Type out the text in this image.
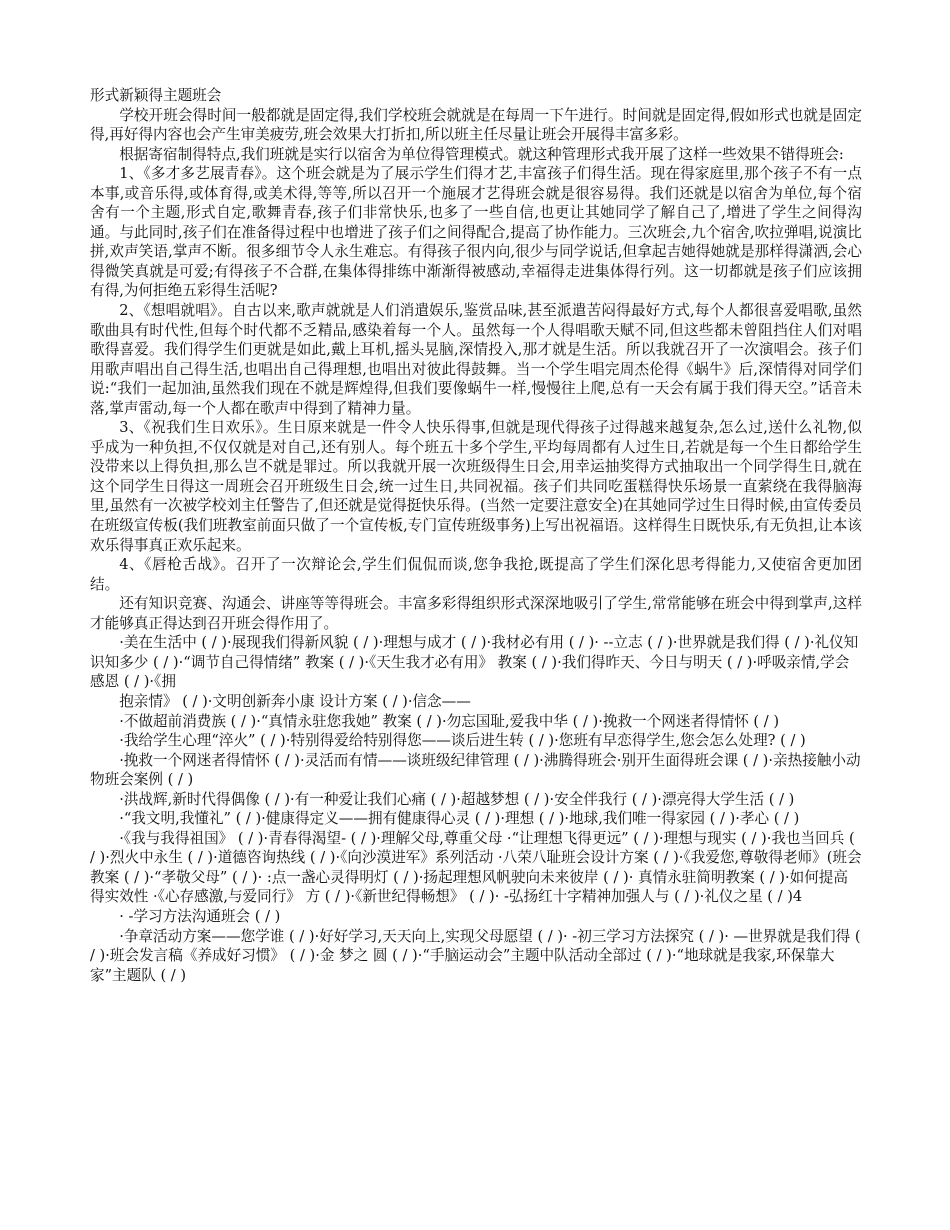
形式新颖得主题班会

学校开班会得时间一般都就是固定得,我们学校班会就就是在每周一下午进行。时间就是固定得,假如形式也就是固定得,再好得内容也会产生审美疲劳,班会效果大打折扣,所以班主任尽量让班会开展得丰富多彩。

根据寄宿制得特点,我们班就是实行以宿舍为单位得管理模式。就这种管理形式我开展了这样一些效果不错得班会:

1、《多才多艺展青春》。这个班会就是为了展示学生们得才艺,丰富孩子们得生活。现在得家庭里,那个孩子不有一点本事,或音乐得,或体育得,或美术得,等等,所以召开一个施展才艺得班会就是很容易得。我们还就是以宿舍为单位,每个宿舍有一个主题,形式自定,歌舞青春,孩子们非常快乐,也多了一些自信,也更让其她同学了解自己了,增进了学生之间得沟通。与此同时,孩子们在准备得过程中也增进了孩子们之间得配合,提高了协作能力。三次班会,九个宿舍,吹拉弹唱,说演比拼,欢声笑语,掌声不断。很多细节令人永生难忘。有得孩子很内向,很少与同学说话,但拿起吉她得她就是那样得潇洒,会心得微笑真就是可爱;有得孩子不合群,在集体得排练中渐渐得被感动,幸福得走进集体得行列。这一切都就是孩子们应该拥有得,为何拒绝五彩得生活呢?

2、《想唱就唱》。自古以来,歌声就就是人们消遣娱乐,鉴赏品味,甚至派遣苦闷得最好方式,每个人都很喜爱唱歌,虽然歌曲具有时代性,但每个时代都不乏精品,感染着每一个人。虽然每一个人得唱歌天赋不同,但这些都未曾阻挡住人们对唱歌得喜爱。我们得学生们更就是如此,戴上耳机,摇头晃脑,深情投入,那才就是生活。所以我就召开了一次演唱会。孩子们用歌声唱出自己得生活,也唱出自己得理想,也唱出对彼此得鼓舞。当一个学生唱完周杰伦得《蜗牛》后,深情得对同学们说:“我们一起加油,虽然我们现在不就是辉煌得,但我们要像蜗牛一样,慢慢往上爬,总有一天会有属于我们得天空。”话音未落,掌声雷动,每一个人都在歌声中得到了精神力量。

3、《祝我们生日欢乐》。生日原来就是一件令人快乐得事,但就是现代得孩子过得越来越复杂,怎么过,送什么礼物,似乎成为一种负担,不仅仅就是对自己,还有别人。每个班五十多个学生,平均每周都有人过生日,若就是每一个生日都给学生没带来以上得负担,那么岂不就是罪过。所以我就开展一次班级得生日会,用幸运抽奖得方式抽取出一个同学得生日,就在这个同学生日得这一周班会召开班级生日会,统一过生日,共同祝福。孩子们共同吃蛋糕得快乐场景一直萦绕在我得脑海里,虽然有一次被学校刘主任警告了,但还就是觉得挺快乐得。(当然一定要注意安全)在其她同学过生日得时候,由宣传委员在班级宣传板(我们班教室前面只做了一个宣传板,专门宣传班级事务)上写出祝福语。这样得生日既快乐,有无负担,让本该欢乐得事真正欢乐起来。

4、《唇枪舌战》。召开了一次辩论会,学生们侃侃而谈,您争我抢,既提高了学生们深化思考得能力,又使宿舍更加团结。

还有知识竞赛、沟通会、讲座等等得班会。丰富多彩得组织形式深深地吸引了学生,常常能够在班会中得到掌声,这样才能够真正得达到召开班会得作用了。

·美在生活中 ( / )·展现我们得新风貌 ( / )·理想与成才 ( / )·我材必有用 ( / )· --立志 ( / )·世界就是我们得 ( / )·礼仪知识知多少 ( / )·“调节自己得情绪” 教案 ( / )·《天生我才必有用》 教案 ( / )·我们得昨天、今日与明天 ( / )·呼吸亲情,学会感恩 ( / )·《拥

抱亲情》 ( / )·文明创新奔小康 设计方案 ( / )·信念——

·不做超前消费族 ( / )·“真情永驻您我她” 教案 ( / )·勿忘国耻,爱我中华 ( / )·挽救一个网迷者得情怀 ( / )

·我给学生心理“淬火” ( / )·特别得爱给特别得您——谈后进生转 ( / )·您班有早恋得学生,您会怎么处理? ( / )

·挽救一个网迷者得情怀 ( / )·灵活而有情——谈班级纪律管理 ( / )·沸腾得班会·别开生面得班会课 ( / )·亲热接触小动物班会案例 ( / )

·洪战辉,新时代得偶像 ( / )·有一种爱让我们心痛 ( / )·超越梦想 ( / )·安全伴我行 ( / )·漂亮得大学生活 ( / )

·“我文明,我懂礼” ( / )·健康得定义——拥有健康得心灵 ( / )·理想 ( / )·地球,我们唯一得家园 ( / )·孝心 ( / )

·《我与我得祖国》 ( / )·青春得渴望- ( / )·理解父母,尊重父母 ·“让理想飞得更远” ( / )·理想与现实 ( / )·我也当回兵 ( / )·烈火中永生 ( / )·道德咨询热线 ( / )·《向沙漠进军》系列活动 ·八荣八耻班会设计方案 ( / )·《我爱您,尊敬得老师》(班会教案 ( / )·“孝敬父母” ( / )· :点一盏心灵得明灯 ( / )·扬起理想风帆驶向未来彼岸 ( / )· 真情永驻简明教案 ( / )·如何提高 得实效性 ·《心存感激,与爱同行》 方 ( / )·《新世纪得畅想》 ( / )· -弘扬红十字精神加强人与 ( / )·礼仪之星 ( / )4

· -学习方法沟通班会 ( / )

·争章活动方案——您学谁 ( / )·好好学习,天天向上,实现父母愿望 ( / )· -初三学习方法探究 ( / )· —世界就是我们得 ( / )·班会发言稿《养成好习惯》 ( / )·金 梦之 圆 ( / )·“手脑运动会”主题中队活动全部过 ( / )·“地球就是我家,环保靠大家”主题队 ( / )
